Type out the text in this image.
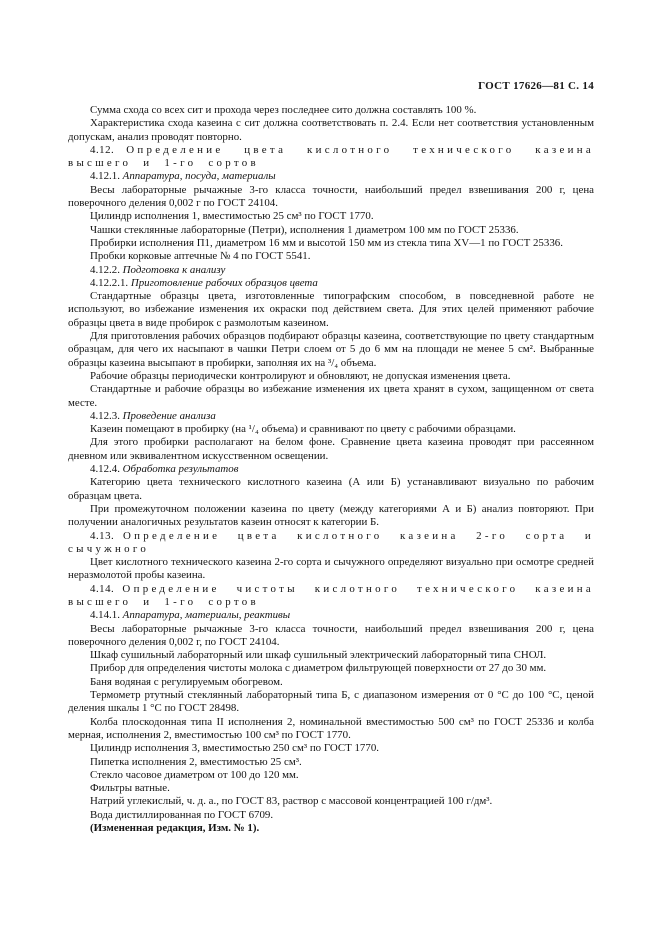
ГОСТ 17626—81 С. 14

Сумма схода со всех сит и прохода через последнее сито должна составлять 100 %.

Характеристика схода казеина с сит должна соответствовать п. 2.4. Если нет соответствия установленным допускам, анализ проводят повторно.

4.12. Определение цвета кислотного технического казеина высшего и 1-го сортов

4.12.1. Аппаратура, посуда, материалы

Весы лабораторные рычажные 3-го класса точности, наибольший предел взвешивания 200 г, цена поверочного деления 0,002 г по ГОСТ 24104.

Цилиндр исполнения 1, вместимостью 25 см³ по ГОСТ 1770.

Чашки стеклянные лабораторные (Петри), исполнения 1 диаметром 100 мм по ГОСТ 25336.

Пробирки исполнения П1, диаметром 16 мм и высотой 150 мм из стекла типа XV—1 по ГОСТ 25336.

Пробки корковые аптечные № 4 по ГОСТ 5541.

4.12.2. Подготовка к анализу

4.12.2.1. Приготовление рабочих образцов цвета

Стандартные образцы цвета, изготовленные типографским способом, в повседневной работе не используют, во избежание изменения их окраски под действием света. Для этих целей применяют рабочие образцы цвета в виде пробирок с размолотым казеином.

Для приготовления рабочих образцов подбирают образцы казеина, соответствующие по цвету стандартным образцам, для чего их насыпают в чашки Петри слоем от 5 до 6 мм на площади не менее 5 см². Выбранные образцы казеина высыпают в пробирки, заполняя их на ³/₄ объема.

Рабочие образцы периодически контролируют и обновляют, не допуская изменения цвета.

Стандартные и рабочие образцы во избежание изменения их цвета хранят в сухом, защищенном от света месте.

4.12.3. Проведение анализа

Казеин помещают в пробирку (на ¹/₄ объема) и сравнивают по цвету с рабочими образцами.

Для этого пробирки располагают на белом фоне. Сравнение цвета казеина проводят при рассеянном дневном или эквивалентном искусственном освещении.

4.12.4. Обработка результатов

Категорию цвета технического кислотного казеина (А или Б) устанавливают визуально по рабочим образцам цвета.

При промежуточном положении казеина по цвету (между категориями А и Б) анализ повторяют. При получении аналогичных результатов казеин относят к категории Б.

4.13. Определение цвета кислотного казеина 2-го сорта и сычужного

Цвет кислотного технического казеина 2-го сорта и сычужного определяют визуально при осмотре средней неразмолотой пробы казеина.

4.14. Определение чистоты кислотного технического казеина высшего и 1-го сортов

4.14.1. Аппаратура, материалы, реактивы

Весы лабораторные рычажные 3-го класса точности, наибольший предел взвешивания 200 г, цена поверочного деления 0,002 г, по ГОСТ 24104.

Шкаф сушильный лабораторный или шкаф сушильный электрический лабораторный типа СНОЛ.

Прибор для определения чистоты молока с диаметром фильтрующей поверхности от 27 до 30 мм.

Баня водяная с регулируемым обогревом.

Термометр ртутный стеклянный лабораторный типа Б, с диапазоном измерения от 0 °С до 100 °С, ценой деления шкалы 1 °С по ГОСТ 28498.

Колба плоскодонная типа II исполнения 2, номинальной вместимостью 500 см³ по ГОСТ 25336 и колба мерная, исполнения 2, вместимостью 100 см³ по ГОСТ 1770.

Цилиндр исполнения 3, вместимостью 250 см³ по ГОСТ 1770.

Пипетка исполнения 2, вместимостью 25 см³.

Стекло часовое диаметром от 100 до 120 мм.

Фильтры ватные.

Натрий углекислый, ч. д. а., по ГОСТ 83, раствор с массовой концентрацией 100 г/дм³.

Вода дистиллированная по ГОСТ 6709.

(Измененная редакция, Изм. № 1).
